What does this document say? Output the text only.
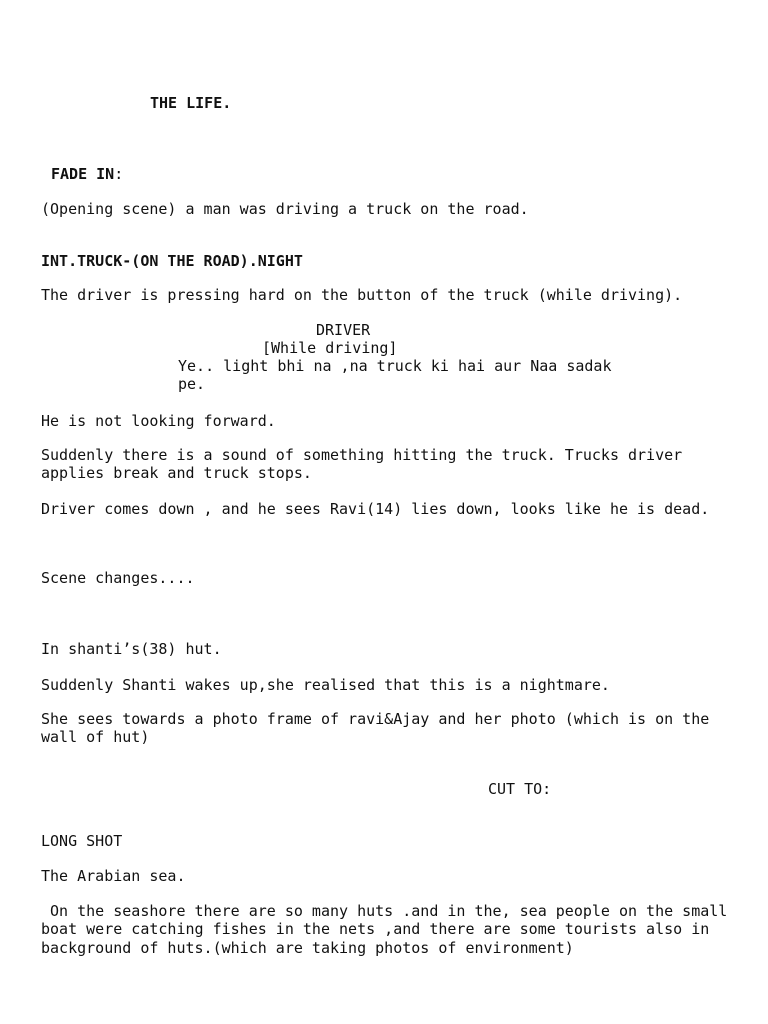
THE LIFE.
FADE IN:
(Opening scene) a man was driving a truck on the road.
INT.TRUCK-(ON THE ROAD).NIGHT
The driver is pressing hard on the button of the truck (while driving).
DRIVER
[While driving]
Ye.. light bhi na ,na truck ki hai aur Naa sadak
pe.
He is not looking forward.
Suddenly there is a sound of something hitting the truck. Trucks driver
applies break and truck stops.
Driver comes down , and he sees Ravi(14) lies down, looks like he is dead.
Scene changes....
In shanti’s(38) hut.
Suddenly Shanti wakes up,she realised that this is a nightmare.
She sees towards a photo frame of ravi&Ajay and her photo (which is on the
wall of hut)
CUT TO:
LONG SHOT
The Arabian sea.
On the seashore there are so many huts .and in the, sea people on the small
boat were catching fishes in the nets ,and there are some tourists also in
background of huts.(which are taking photos of environment)
